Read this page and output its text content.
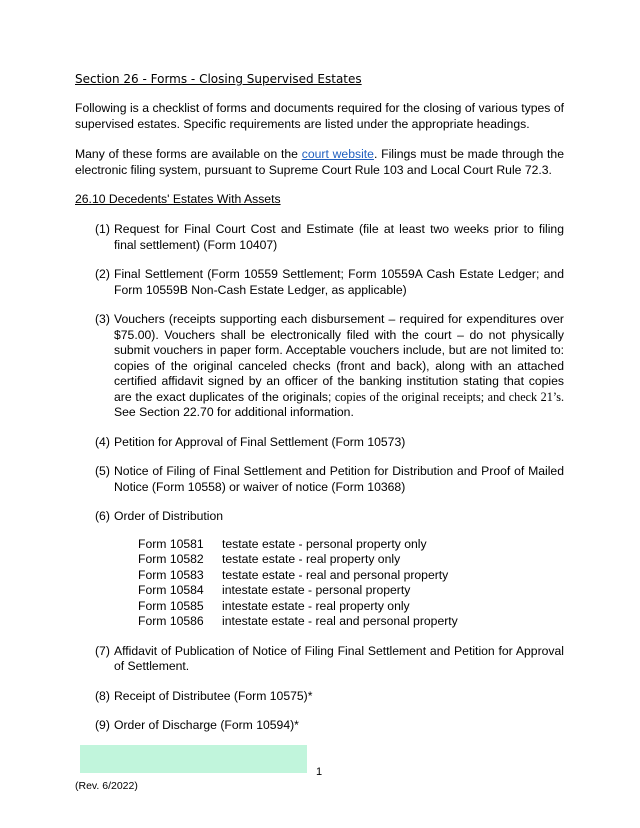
Section 26 - Forms - Closing Supervised Estates

Following is a checklist of forms and documents required for the closing of various types of supervised estates. Specific requirements are listed under the appropriate headings.

Many of these forms are available on the court website. Filings must be made through the electronic filing system, pursuant to Supreme Court Rule 103 and Local Court Rule 72.3.

26.10 Decedents' Estates With Assets
(1) Request for Final Court Cost and Estimate (file at least two weeks prior to filing final settlement) (Form 10407)
(2) Final Settlement (Form 10559 Settlement; Form 10559A Cash Estate Ledger; and Form 10559B Non-Cash Estate Ledger, as applicable)
(3) Vouchers (receipts supporting each disbursement – required for expenditures over $75.00). Vouchers shall be electronically filed with the court – do not physically submit vouchers in paper form. Acceptable vouchers include, but are not limited to: copies of the original canceled checks (front and back), along with an attached certified affidavit signed by an officer of the banking institution stating that copies are the exact duplicates of the originals; copies of the original receipts; and check 21’s. See Section 22.70 for additional information.
(4) Petition for Approval of Final Settlement (Form 10573)
(5) Notice of Filing of Final Settlement and Petition for Distribution and Proof of Mailed Notice (Form 10558) or waiver of notice (Form 10368)
(6) Order of Distribution
Form 10581	testate estate - personal property only
Form 10582	testate estate - real property only
Form 10583	testate estate - real and personal property
Form 10584	intestate estate - personal property
Form 10585	intestate estate - real property only
Form 10586	intestate estate - real and personal property
(7) Affidavit of Publication of Notice of Filing Final Settlement and Petition for Approval of Settlement.
(8) Receipt of Distributee (Form 10575)*
(9) Order of Discharge (Form 10594)*
1
(Rev. 6/2022)
